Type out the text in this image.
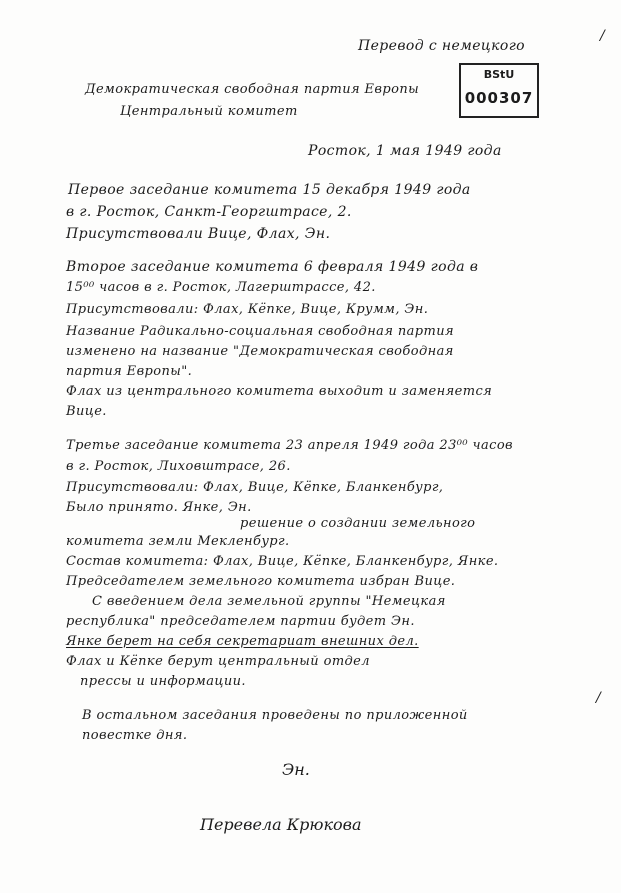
Перевод с немецкого
/
Демократическая свободная партия Европы
Центральный комитет
BStU
000307
Росток, 1 мая 1949 года
Первое заседание комитета 15 декабря 1949 года
в г. Росток, Санкт-Георгштрасе, 2.
Присутствовали Вице, Флах, Эн.
Второе заседание комитета 6 февраля 1949 года в
15⁰⁰ часов в г. Росток, Лагерштрассе, 42.
Присутствовали: Флах, Кёпке, Вице, Крумм, Эн.
Название Радикально-социальная свободная партия
изменено на название "Демократическая свободная
партия Европы".
Флах из центрального комитета выходит и заменяется
Вице.
Третье заседание комитета 23 апреля 1949 года 23⁰⁰ часов
в г. Росток, Лиховштрасе, 26.
Присутствовали: Флах, Вице, Кёпке, Бланкенбург,
Было принято. Янке, Эн.
решение о создании земельного
комитета земли Мекленбург.
Состав комитета: Флах, Вице, Кёпке, Бланкенбург, Янке.
Председателем земельного комитета избран Вице.
С введением дела земельной группы "Немецкая
республика" председателем партии будет Эн.
Янке берет на себя секретариат внешних дел.
Флах и Кёпке берут центральный отдел
прессы и информации.
/
В остальном заседания проведены по приложенной
повестке дня.
Эн.
Перевела Крюкова
